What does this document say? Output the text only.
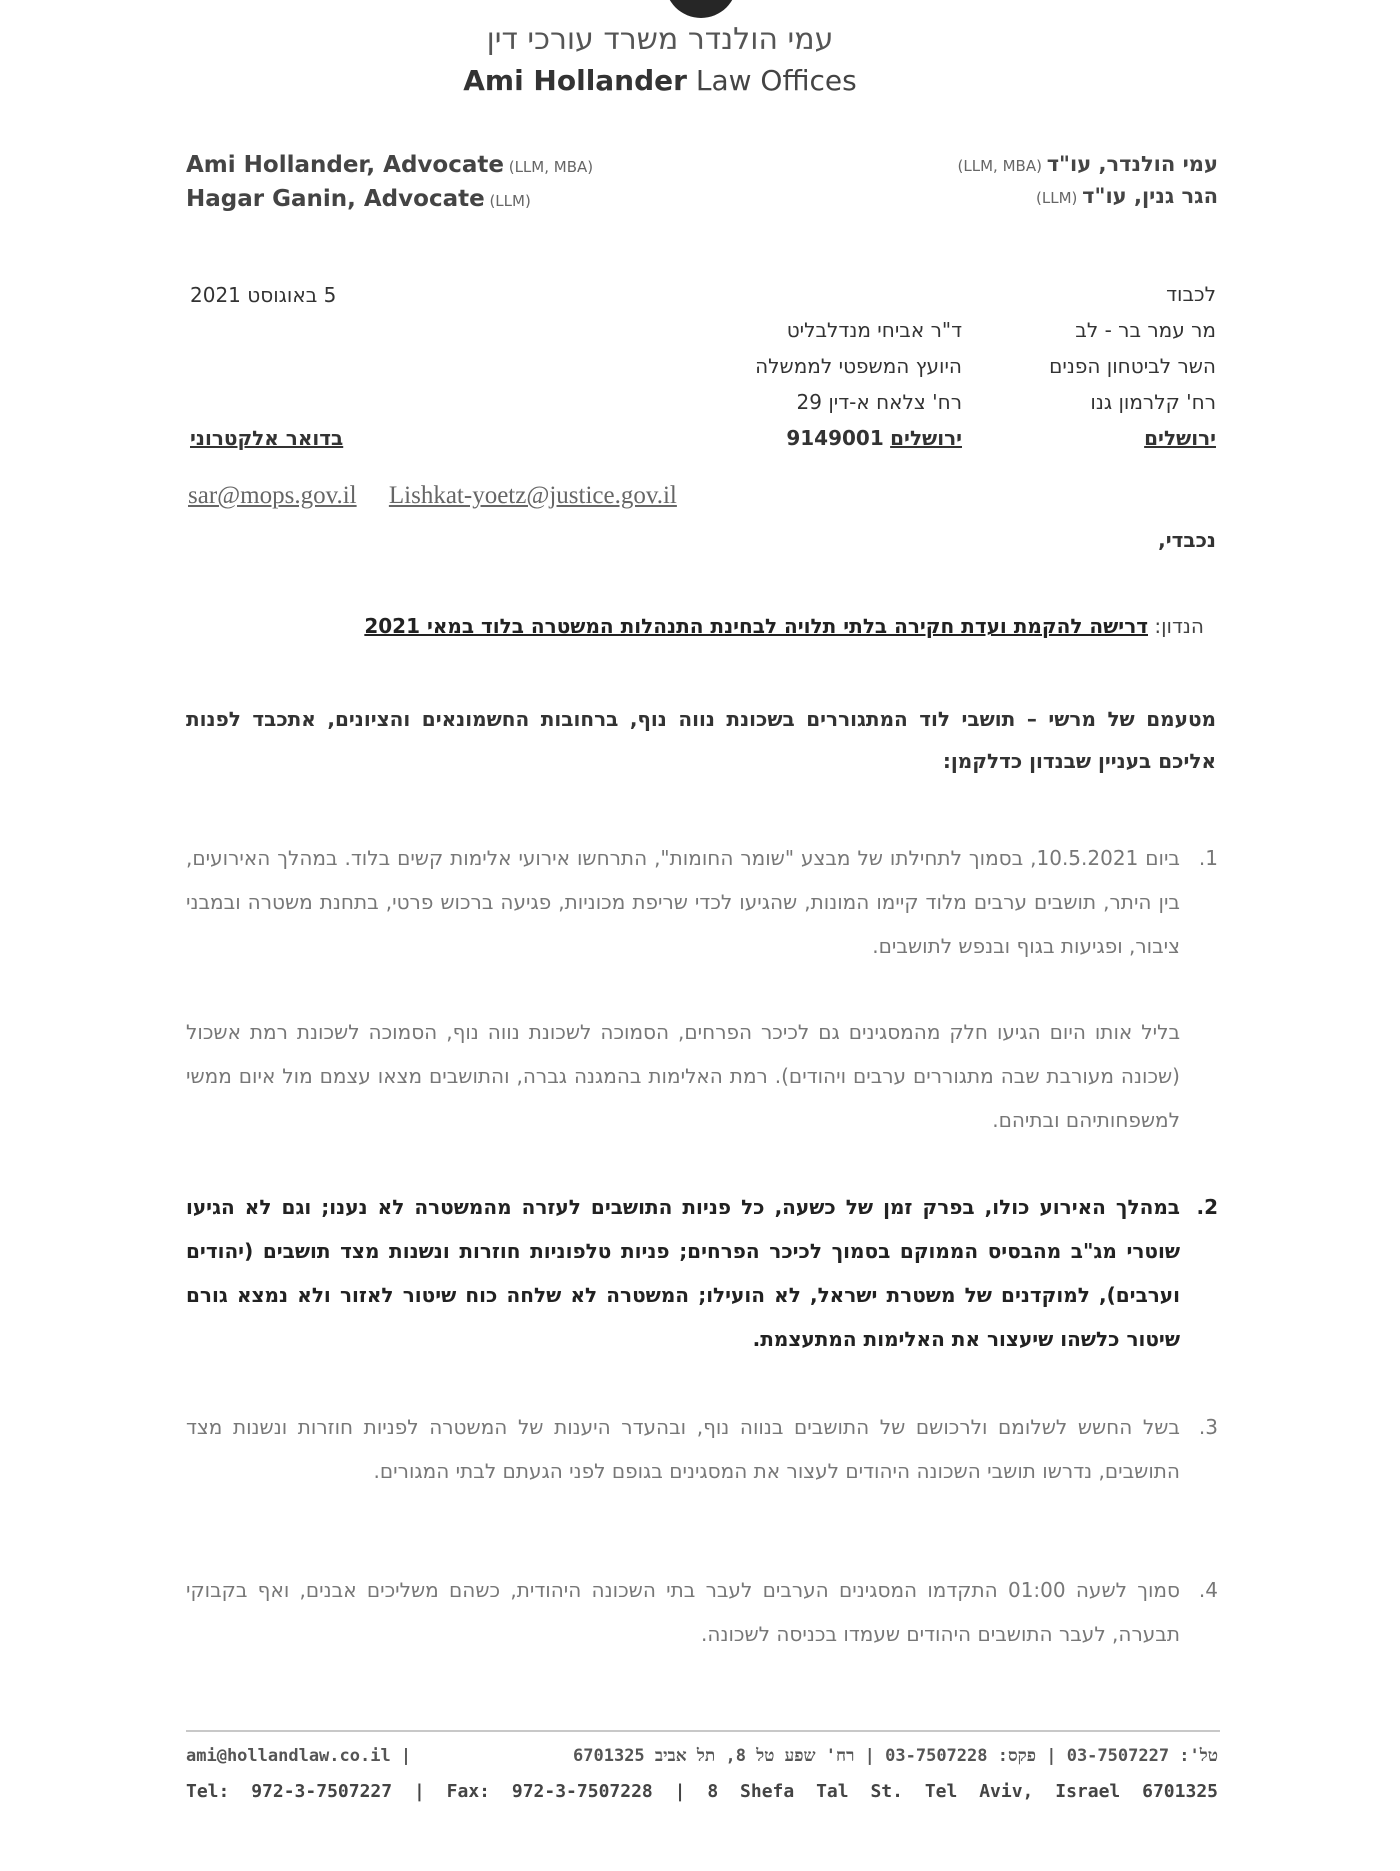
עמי הולנדר משרד עורכי דין
Ami Hollander Law Offices
Ami Hollander, Advocate (LLM, MBA)
Hagar Ganin, Advocate (LLM)
עמי הולנדר, עו"ד (LLM, MBA)
הגר גנין, עו"ד (LLM)
5 באוגוסט 2021	לכבוד
מר עמר בר - לב
השר לביטחון הפנים
רח' קלרמון גנו
ירושלים
ד"ר אביחי מנדלבליט
היועץ המשפטי לממשלה
רח' צלאח א-דין 29
ירושלים 9149001
בדואר אלקטרוני
sar@mops.gov.il Lishkat-yoetz@justice.gov.il
נכבדי,
הנדון: דרישה להקמת ועדת חקירה בלתי תלויה לבחינת התנהלות המשטרה בלוד במאי 2021
מטעמם של מרשי – תושבי לוד המתגוררים בשכונת נווה נוף, ברחובות החשמונאים והציונים, אתכבד לפנות אליכם בעניין שבנדון כדלקמן:
1.
ביום 10.5.2021, בסמוך לתחילתו של מבצע "שומר החומות", התרחשו אירועי אלימות קשים בלוד. במהלך האירועים, בין היתר, תושבים ערבים מלוד קיימו המונות, שהגיעו לכדי שריפת מכוניות, פגיעה ברכוש פרטי, בתחנת משטרה ובמבני ציבור, ופגיעות בגוף ובנפש לתושבים.
בליל אותו היום הגיעו חלק מהמסגינים גם לכיכר הפרחים, הסמוכה לשכונת נווה נוף, הסמוכה לשכונת רמת אשכול (שכונה מעורבת שבה מתגוררים ערבים ויהודים). רמת האלימות בהמגנה גברה, והתושבים מצאו עצמם מול איום ממשי למשפחותיהם ובתיהם.
2.
במהלך האירוע כולו, בפרק זמן של כשעה, כל פניות התושבים לעזרה מהמשטרה לא נענו; וגם לא הגיעו שוטרי מג"ב מהבסיס הממוקם בסמוך לכיכר הפרחים; פניות טלפוניות חוזרות ונשנות מצד תושבים (יהודים וערבים), למוקדנים של משטרת ישראל, לא הועילו; המשטרה לא שלחה כוח שיטור לאזור ולא נמצא גורם שיטור כלשהו שיעצור את האלימות המתעצמת.
3.
בשל החשש לשלומם ולרכושם של התושבים בנווה נוף, ובהעדר היענות של המשטרה לפניות חוזרות ונשנות מצד התושבים, נדרשו תושבי השכונה היהודים לעצור את המסגינים בגופם לפני הגעתם לבתי המגורים.
4.
סמוך לשעה 01:00 התקדמו המסגינים הערבים לעבר בתי השכונה היהודית, כשהם משליכים אבנים, ואף בקבוקי תבערה, לעבר התושבים היהודים שעמדו בכניסה לשכונה.
ami@hollandlaw.co.il |	טל': 03-7507227 | פקס: 03-7507228 | רח' שפע טל 8, תל אביב 6701325
Tel: 972-3-7507227 | Fax: 972-3-7507228 | 8 Shefa Tal St. Tel Aviv, Israel 6701325
